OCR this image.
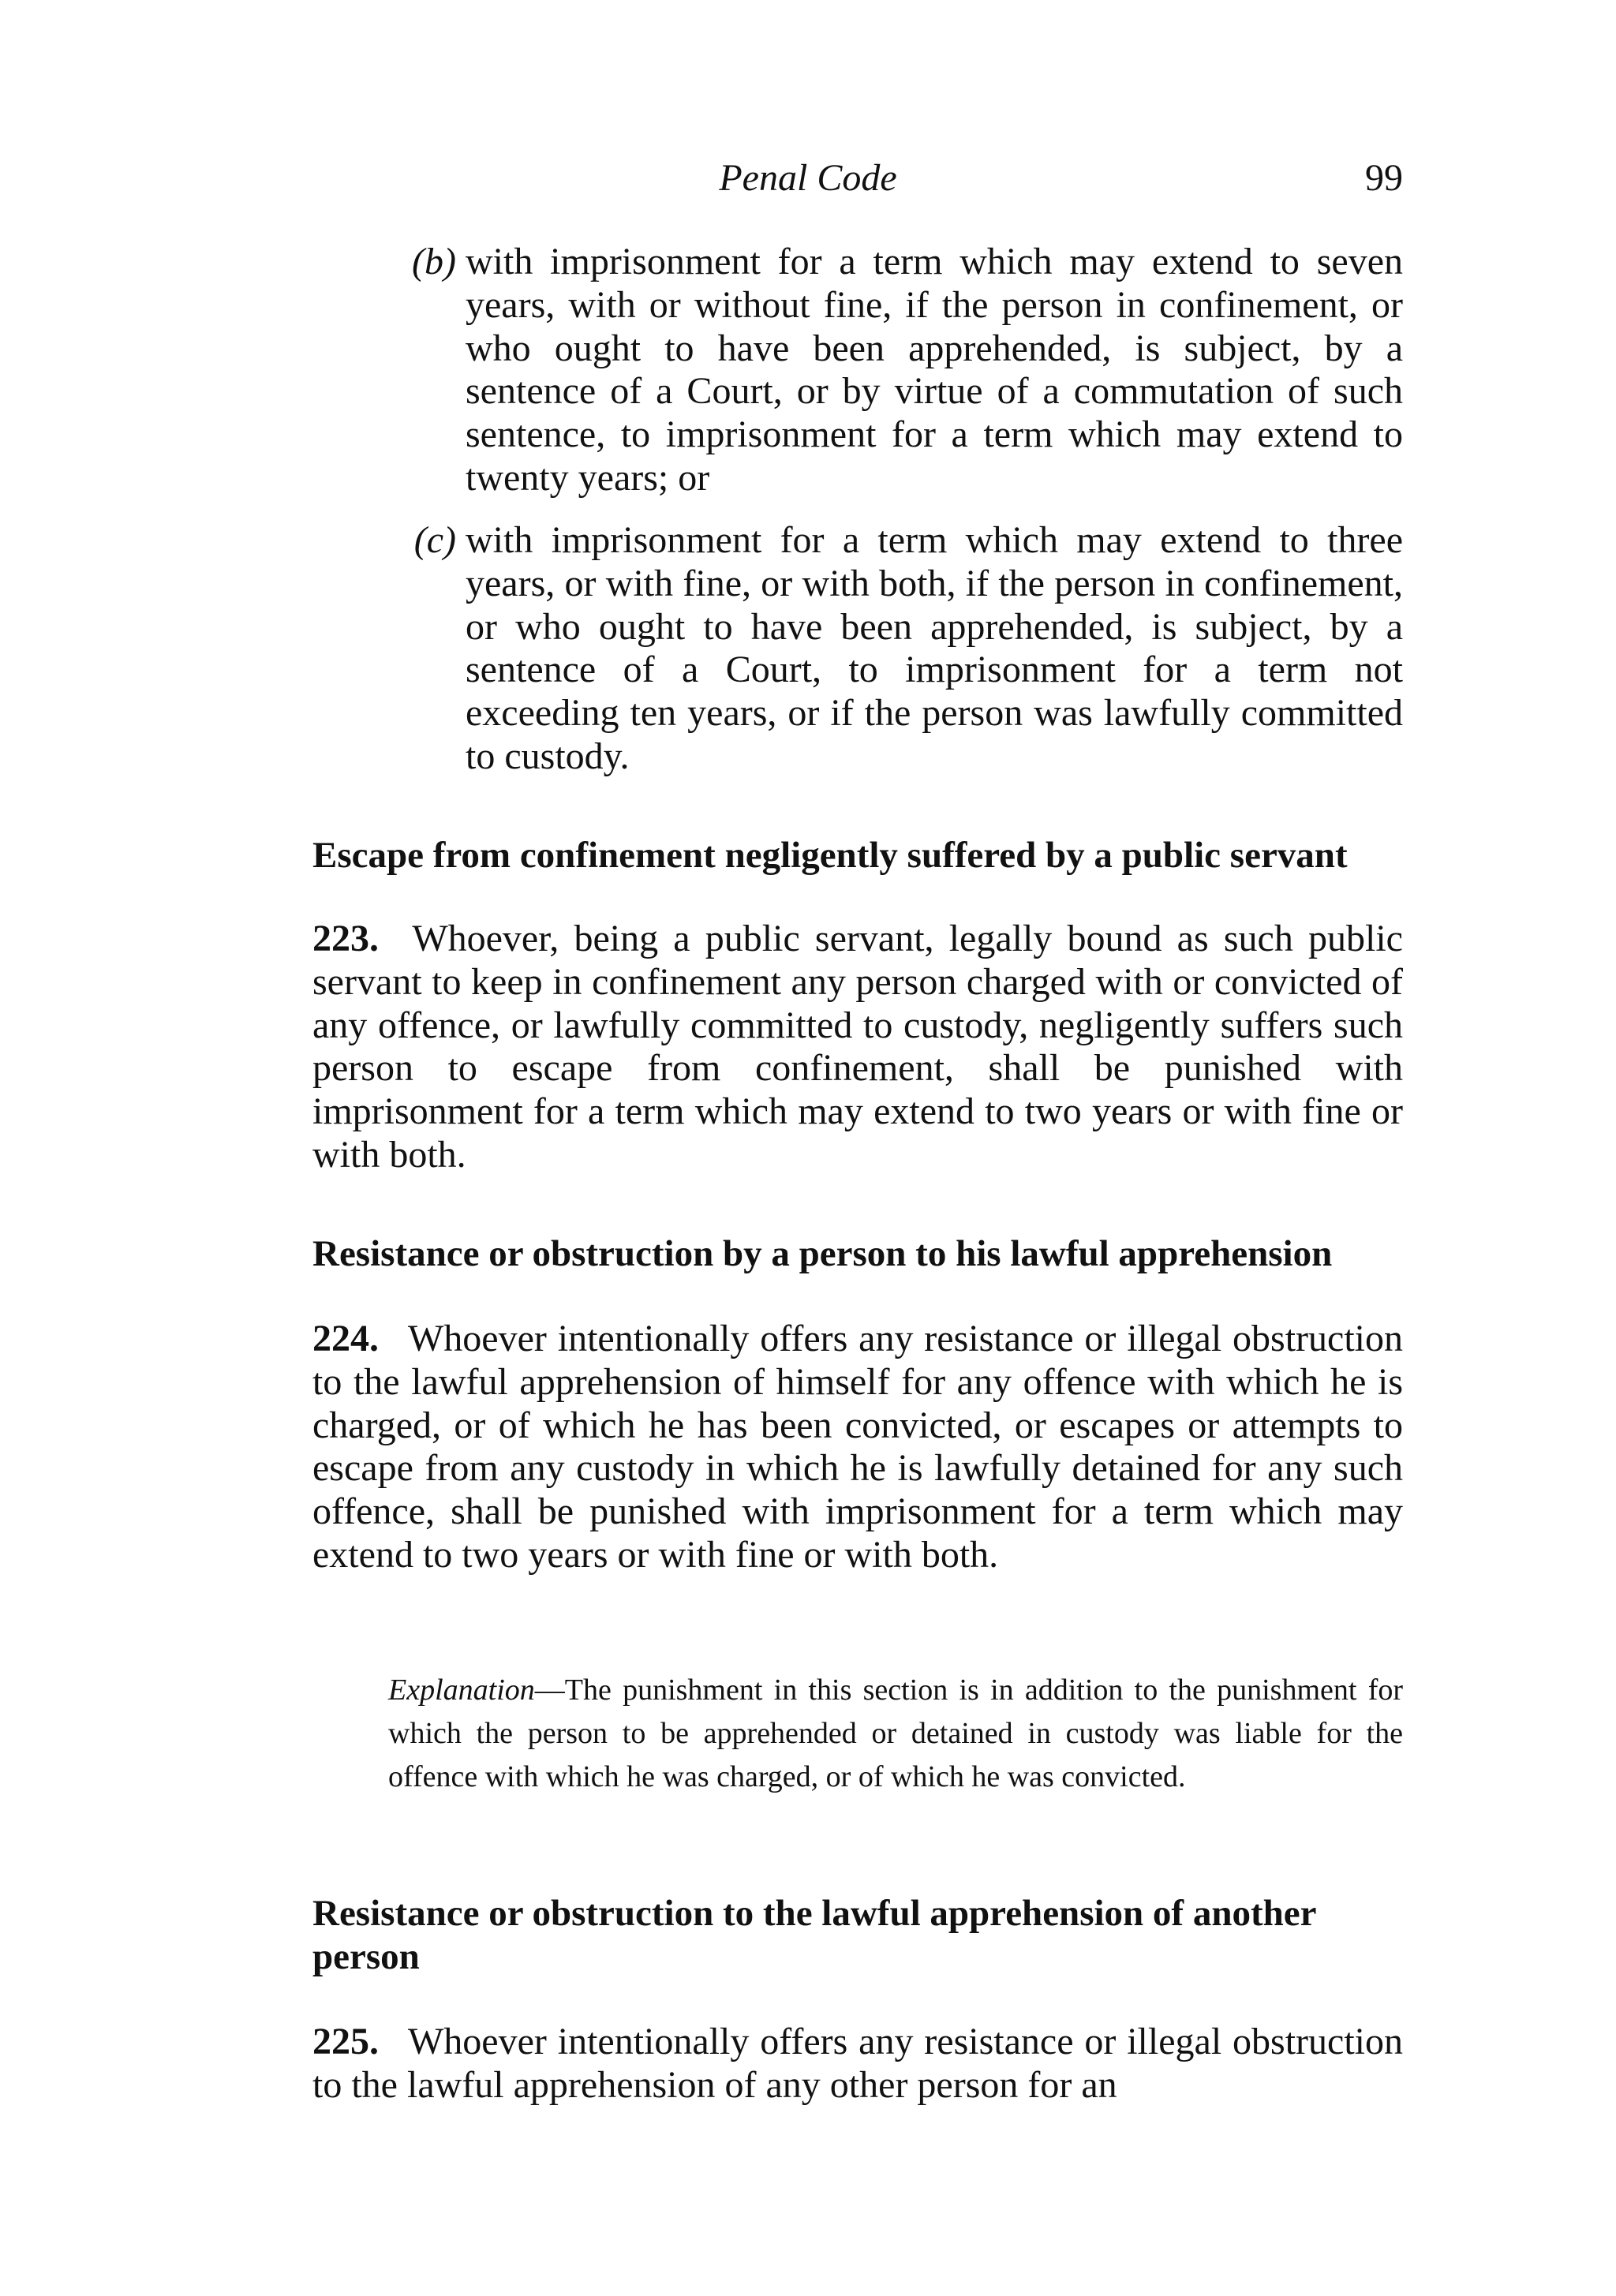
Penal Code	99
(b) with imprisonment for a term which may extend to seven years, with or without fine, if the person in confinement, or who ought to have been apprehended, is subject, by a sentence of a Court, or by virtue of a commutation of such sentence, to imprisonment for a term which may extend to twenty years; or
(c) with imprisonment for a term which may extend to three years, or with fine, or with both, if the person in confinement, or who ought to have been apprehended, is subject, by a sentence of a Court, to imprisonment for a term not exceeding ten years, or if the person was lawfully committed to custody.
Escape from confinement negligently suffered by a public servant
223.  Whoever, being a public servant, legally bound as such public servant to keep in confinement any person charged with or convicted of any offence, or lawfully committed to custody, negligently suffers such person to escape from confinement, shall be punished with imprisonment for a term which may extend to two years or with fine or with both.
Resistance or obstruction by a person to his lawful apprehension
224.  Whoever intentionally offers any resistance or illegal obstruction to the lawful apprehension of himself for any offence with which he is charged, or of which he has been convicted, or escapes or attempts to escape from any custody in which he is lawfully detained for any such offence, shall be punished with imprisonment for a term which may extend to two years or with fine or with both.
Explanation—The punishment in this section is in addition to the punishment for which the person to be apprehended or detained in custody was liable for the offence with which he was charged, or of which he was convicted.
Resistance or obstruction to the lawful apprehension of another person
225.  Whoever intentionally offers any resistance or illegal obstruction to the lawful apprehension of any other person for an
